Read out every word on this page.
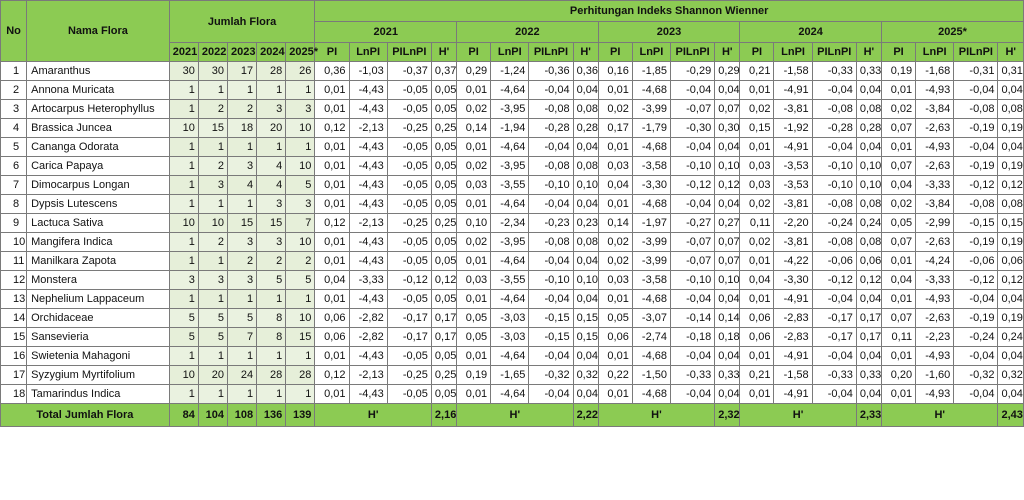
No	Nama Flora	Jumlah Flora					Perhitungan Indeks Shannon Wienner																			
							2021				2022				2023				2024				2025*			
		2021	2022	2023	2024	2025*	PI	LnPI	PILnPI	H'	PI	LnPI	PILnPI	H'	PI	LnPI	PILnPI	H'	PI	LnPI	PILnPI	H'	PI	LnPI	PILnPI	H'
1	Amaranthus	30	30	17	28	26	0,36	-1,03	-0,37	0,37	0,29	-1,24	-0,36	0,36	0,16	-1,85	-0,29	0,29	0,21	-1,58	-0,33	0,33	0,19	-1,68	-0,31	0,31
2	Annona Muricata	1	1	1	1	1	0,01	-4,43	-0,05	0,05	0,01	-4,64	-0,04	0,04	0,01	-4,68	-0,04	0,04	0,01	-4,91	-0,04	0,04	0,01	-4,93	-0,04	0,04
3	Artocarpus Heterophyllus	1	2	2	3	3	0,01	-4,43	-0,05	0,05	0,02	-3,95	-0,08	0,08	0,02	-3,99	-0,07	0,07	0,02	-3,81	-0,08	0,08	0,02	-3,84	-0,08	0,08
4	Brassica Juncea	10	15	18	20	10	0,12	-2,13	-0,25	0,25	0,14	-1,94	-0,28	0,28	0,17	-1,79	-0,30	0,30	0,15	-1,92	-0,28	0,28	0,07	-2,63	-0,19	0,19
5	Cananga Odorata	1	1	1	1	1	0,01	-4,43	-0,05	0,05	0,01	-4,64	-0,04	0,04	0,01	-4,68	-0,04	0,04	0,01	-4,91	-0,04	0,04	0,01	-4,93	-0,04	0,04
6	Carica Papaya	1	2	3	4	10	0,01	-4,43	-0,05	0,05	0,02	-3,95	-0,08	0,08	0,03	-3,58	-0,10	0,10	0,03	-3,53	-0,10	0,10	0,07	-2,63	-0,19	0,19
7	Dimocarpus Longan	1	3	4	4	5	0,01	-4,43	-0,05	0,05	0,03	-3,55	-0,10	0,10	0,04	-3,30	-0,12	0,12	0,03	-3,53	-0,10	0,10	0,04	-3,33	-0,12	0,12
8	Dypsis Lutescens	1	1	1	3	3	0,01	-4,43	-0,05	0,05	0,01	-4,64	-0,04	0,04	0,01	-4,68	-0,04	0,04	0,02	-3,81	-0,08	0,08	0,02	-3,84	-0,08	0,08
9	Lactuca Sativa	10	10	15	15	7	0,12	-2,13	-0,25	0,25	0,10	-2,34	-0,23	0,23	0,14	-1,97	-0,27	0,27	0,11	-2,20	-0,24	0,24	0,05	-2,99	-0,15	0,15
10	Mangifera Indica	1	2	3	3	10	0,01	-4,43	-0,05	0,05	0,02	-3,95	-0,08	0,08	0,02	-3,99	-0,07	0,07	0,02	-3,81	-0,08	0,08	0,07	-2,63	-0,19	0,19
11	Manilkara Zapota	1	1	2	2	2	0,01	-4,43	-0,05	0,05	0,01	-4,64	-0,04	0,04	0,02	-3,99	-0,07	0,07	0,01	-4,22	-0,06	0,06	0,01	-4,24	-0,06	0,06
12	Monstera	3	3	3	5	5	0,04	-3,33	-0,12	0,12	0,03	-3,55	-0,10	0,10	0,03	-3,58	-0,10	0,10	0,04	-3,30	-0,12	0,12	0,04	-3,33	-0,12	0,12
13	Nephelium Lappaceum	1	1	1	1	1	0,01	-4,43	-0,05	0,05	0,01	-4,64	-0,04	0,04	0,01	-4,68	-0,04	0,04	0,01	-4,91	-0,04	0,04	0,01	-4,93	-0,04	0,04
14	Orchidaceae	5	5	5	8	10	0,06	-2,82	-0,17	0,17	0,05	-3,03	-0,15	0,15	0,05	-3,07	-0,14	0,14	0,06	-2,83	-0,17	0,17	0,07	-2,63	-0,19	0,19
15	Sansevieria	5	5	7	8	15	0,06	-2,82	-0,17	0,17	0,05	-3,03	-0,15	0,15	0,06	-2,74	-0,18	0,18	0,06	-2,83	-0,17	0,17	0,11	-2,23	-0,24	0,24
16	Swietenia Mahagoni	1	1	1	1	1	0,01	-4,43	-0,05	0,05	0,01	-4,64	-0,04	0,04	0,01	-4,68	-0,04	0,04	0,01	-4,91	-0,04	0,04	0,01	-4,93	-0,04	0,04
17	Syzygium Myrtifolium	10	20	24	28	28	0,12	-2,13	-0,25	0,25	0,19	-1,65	-0,32	0,32	0,22	-1,50	-0,33	0,33	0,21	-1,58	-0,33	0,33	0,20	-1,60	-0,32	0,32
18	Tamarindus Indica	1	1	1	1	1	0,01	-4,43	-0,05	0,05	0,01	-4,64	-0,04	0,04	0,01	-4,68	-0,04	0,04	0,01	-4,91	-0,04	0,04	0,01	-4,93	-0,04	0,04
Total Jumlah Flora		84	104	108	136	139	H'			2,16	H'			2,22	H'			2,32	H'			2,33	H'			2,43
